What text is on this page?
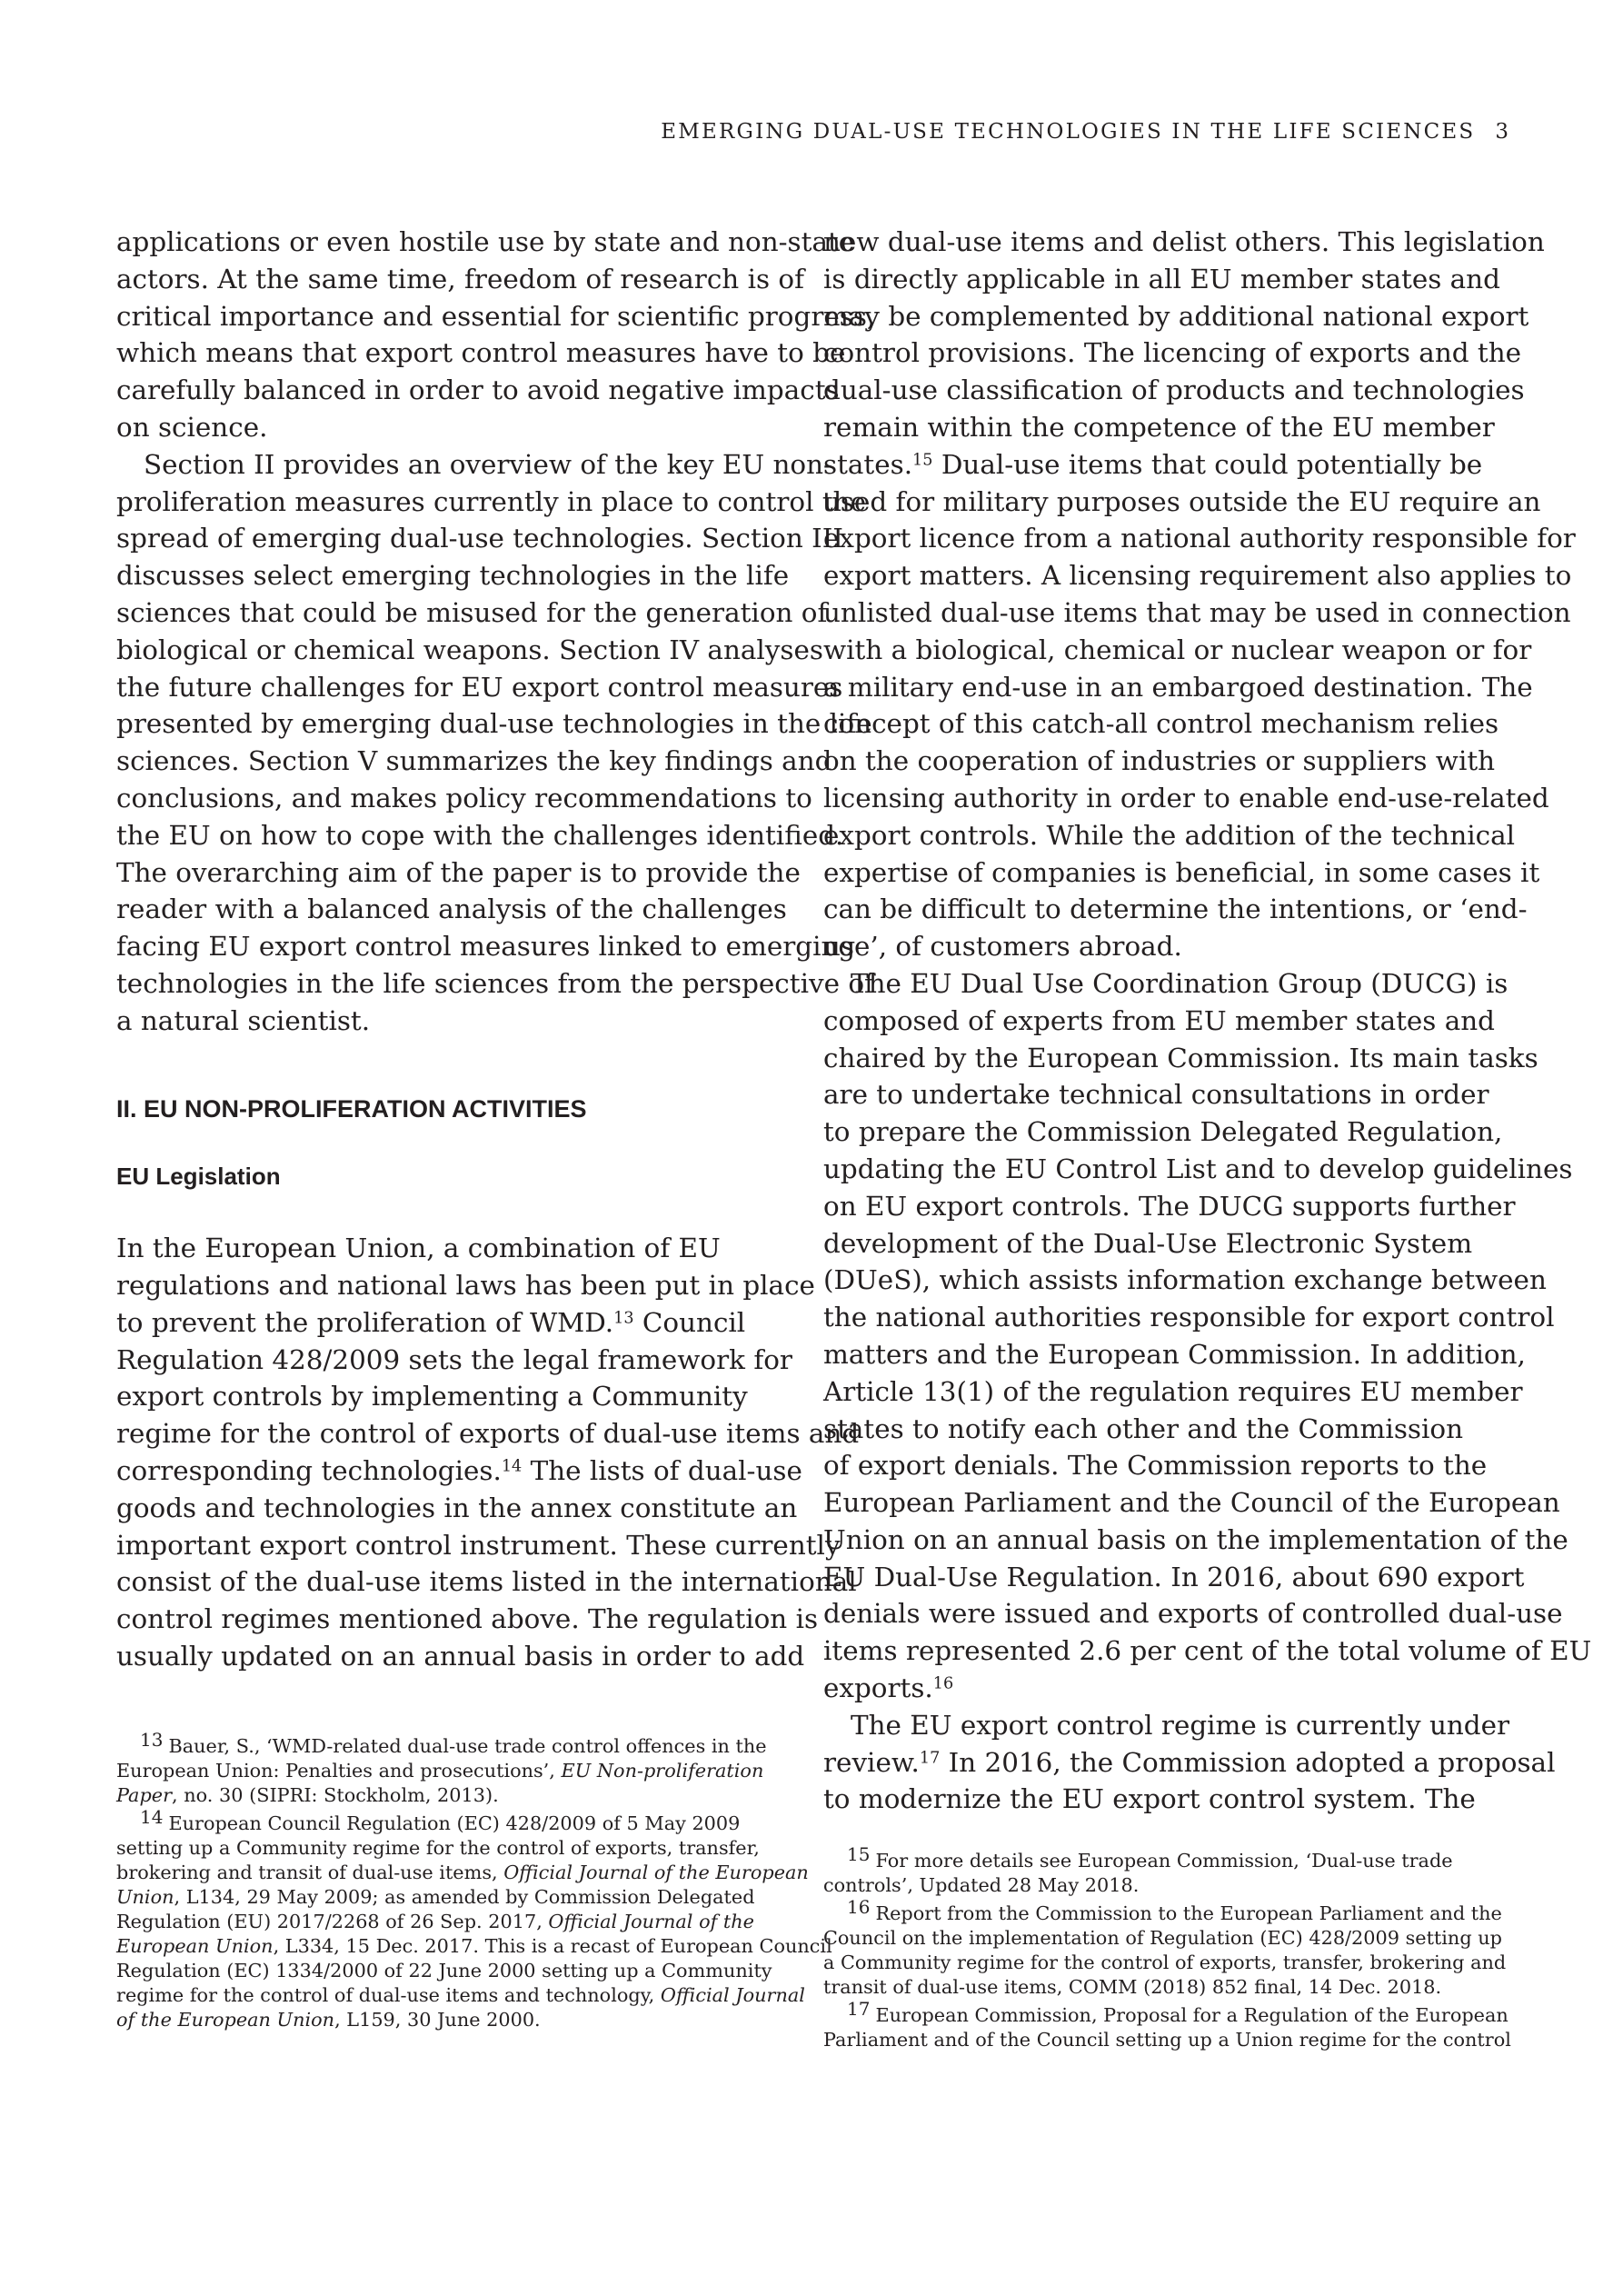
EMERGING DUAL-USE TECHNOLOGIES IN THE LIFE SCIENCES 3
applications or even hostile use by state and non-state
actors. At the same time, freedom of research is of
critical importance and essential for scientific progress,
which means that export control measures have to be
carefully balanced in order to avoid negative impacts
on science.
Section II provides an overview of the key EU non-
proliferation measures currently in place to control the
spread of emerging dual-use technologies. Section III
discusses select emerging technologies in the life
sciences that could be misused for the generation of
biological or chemical weapons. Section IV analyses
the future challenges for EU export control measures
presented by emerging dual-use technologies in the life
sciences. Section V summarizes the key findings and
conclusions, and makes policy recommendations to
the EU on how to cope with the challenges identified.
The overarching aim of the paper is to provide the
reader with a balanced analysis of the challenges
facing EU export control measures linked to emerging
technologies in the life sciences from the perspective of
a natural scientist.
II. EU NON-PROLIFERATION ACTIVITIES
EU Legislation
In the European Union, a combination of EU
regulations and national laws has been put in place
to prevent the proliferation of WMD.$^{13}$ Council
Regulation 428/2009 sets the legal framework for
export controls by implementing a Community
regime for the control of exports of dual-use items and
corresponding technologies.$^{14}$ The lists of dual-use
goods and technologies in the annex constitute an
important export control instrument. These currently
consist of the dual-use items listed in the international
control regimes mentioned above. The regulation is
usually updated on an annual basis in order to add
new dual-use items and delist others. This legislation
is directly applicable in all EU member states and
may be complemented by additional national export
control provisions. The licencing of exports and the
dual-use classification of products and technologies
remain within the competence of the EU member
states.$^{15}$ Dual-use items that could potentially be
used for military purposes outside the EU require an
export licence from a national authority responsible for
export matters. A licensing requirement also applies to
unlisted dual-use items that may be used in connection
with a biological, chemical or nuclear weapon or for
a military end-use in an embargoed destination. The
concept of this catch-all control mechanism relies
on the cooperation of industries or suppliers with
licensing authority in order to enable end-use-related
export controls. While the addition of the technical
expertise of companies is beneficial, in some cases it
can be difficult to determine the intentions, or ‘end-
use’, of customers abroad.
The EU Dual Use Coordination Group (DUCG) is
composed of experts from EU member states and
chaired by the European Commission. Its main tasks
are to undertake technical consultations in order
to prepare the Commission Delegated Regulation,
updating the EU Control List and to develop guidelines
on EU export controls. The DUCG supports further
development of the Dual-Use Electronic System
(DUeS), which assists information exchange between
the national authorities responsible for export control
matters and the European Commission. In addition,
Article 13(1) of the regulation requires EU member
states to notify each other and the Commission
of export denials. The Commission reports to the
European Parliament and the Council of the European
Union on an annual basis on the implementation of the
EU Dual-Use Regulation. In 2016, about 690 export
denials were issued and exports of controlled dual-use
items represented 2.6 per cent of the total volume of EU
exports.$^{16}$
The EU export control regime is currently under
review.$^{17}$ In 2016, the Commission adopted a proposal
to modernize the EU export control system. The
13 Bauer, S., ‘WMD-related dual-use trade control offences in the
European Union: Penalties and prosecutions’, EU Non-proliferation
Paper, no. 30 (SIPRI: Stockholm, 2013).
14 European Council Regulation (EC) 428/2009 of 5 May 2009
setting up a Community regime for the control of exports, transfer,
brokering and transit of dual-use items, Official Journal of the European
Union, L134, 29 May 2009; as amended by Commission Delegated
Regulation (EU) 2017/2268 of 26 Sep. 2017, Official Journal of the
European Union, L334, 15 Dec. 2017. This is a recast of European Council
Regulation (EC) 1334/2000 of 22 June 2000 setting up a Community
regime for the control of dual-use items and technology, Official Journal
of the European Union, L159, 30 June 2000.
15 For more details see European Commission, ‘Dual-use trade
controls’, Updated 28 May 2018.
16 Report from the Commission to the European Parliament and the
Council on the implementation of Regulation (EC) 428/2009 setting up
a Community regime for the control of exports, transfer, brokering and
transit of dual-use items, COMM (2018) 852 final, 14 Dec. 2018.
17 European Commission, Proposal for a Regulation of the European
Parliament and of the Council setting up a Union regime for the control
